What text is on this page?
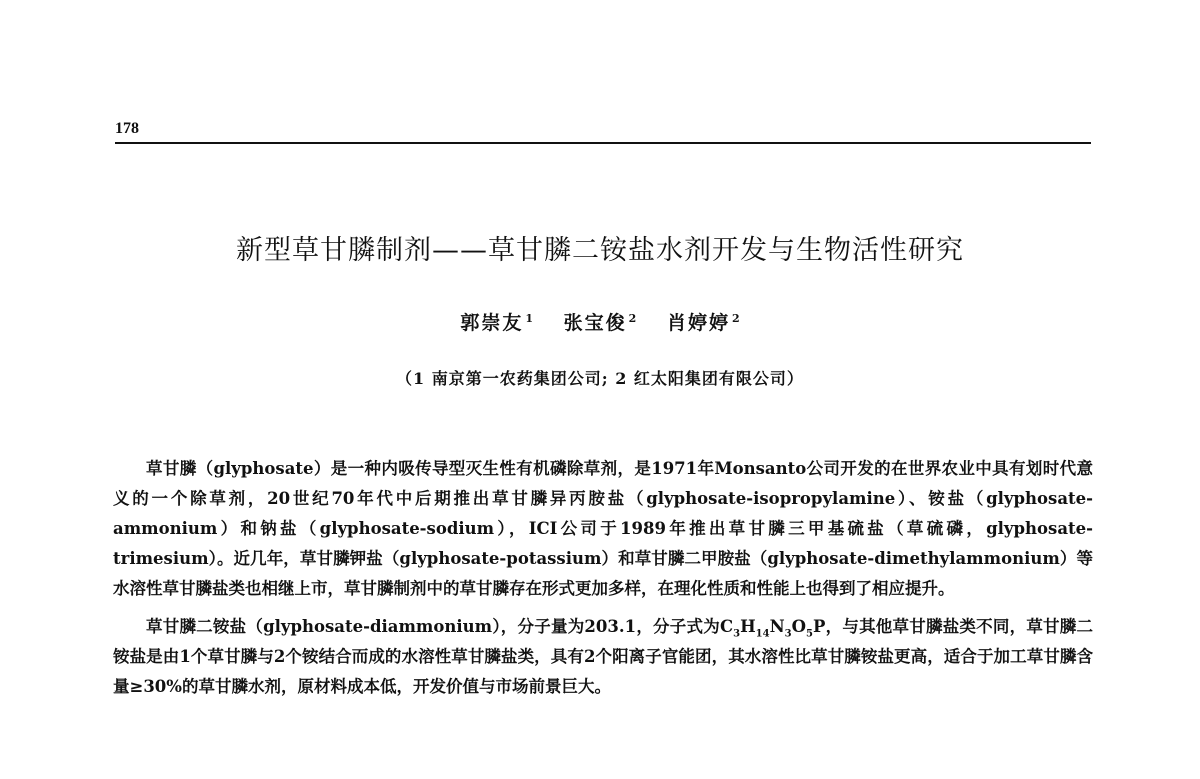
178
新型草甘膦制剂——草甘膦二铵盐水剂开发与生物活性研究
郭崇友 $^1$ 张宝俊 $^2$ 肖婷婷 $^2$
（1 南京第一农药集团公司; 2 红太阳集团有限公司）

草甘膦（glyphosate）是一种内吸传导型灭生性有机磷除草剂，是1971年Monsanto公司开发的在世界农业中具有划时代意义的一个除草剂，20世纪70年代中后期推出草甘膦异丙胺盐（glyphosate-isopropylamine）、铵盐（glyphosate-ammonium）和钠盐（glyphosate-sodium），ICI公司于1989年推出草甘膦三甲基硫盐（草硫磷，glyphosate-trimesium）。近几年，草甘膦钾盐（glyphosate-potassium）和草甘膦二甲胺盐（glyphosate-dimethylammonium）等水溶性草甘膦盐类也相继上市，草甘膦制剂中的草甘膦存在形式更加多样，在理化性质和性能上也得到了相应提升。

草甘膦二铵盐（glyphosate-diammonium），分子量为203.1，分子式为$C_3H_{14}N_3O_5P$，与其他草甘膦盐类不同，草甘膦二铵盐是由1个草甘膦与2个铵结合而成的水溶性草甘膦盐类，具有2个阳离子官能团，其水溶性比草甘膦铵盐更高，适合于加工草甘膦含量≥30%的草甘膦水剂，原材料成本低，开发价值与市场前景巨大。
